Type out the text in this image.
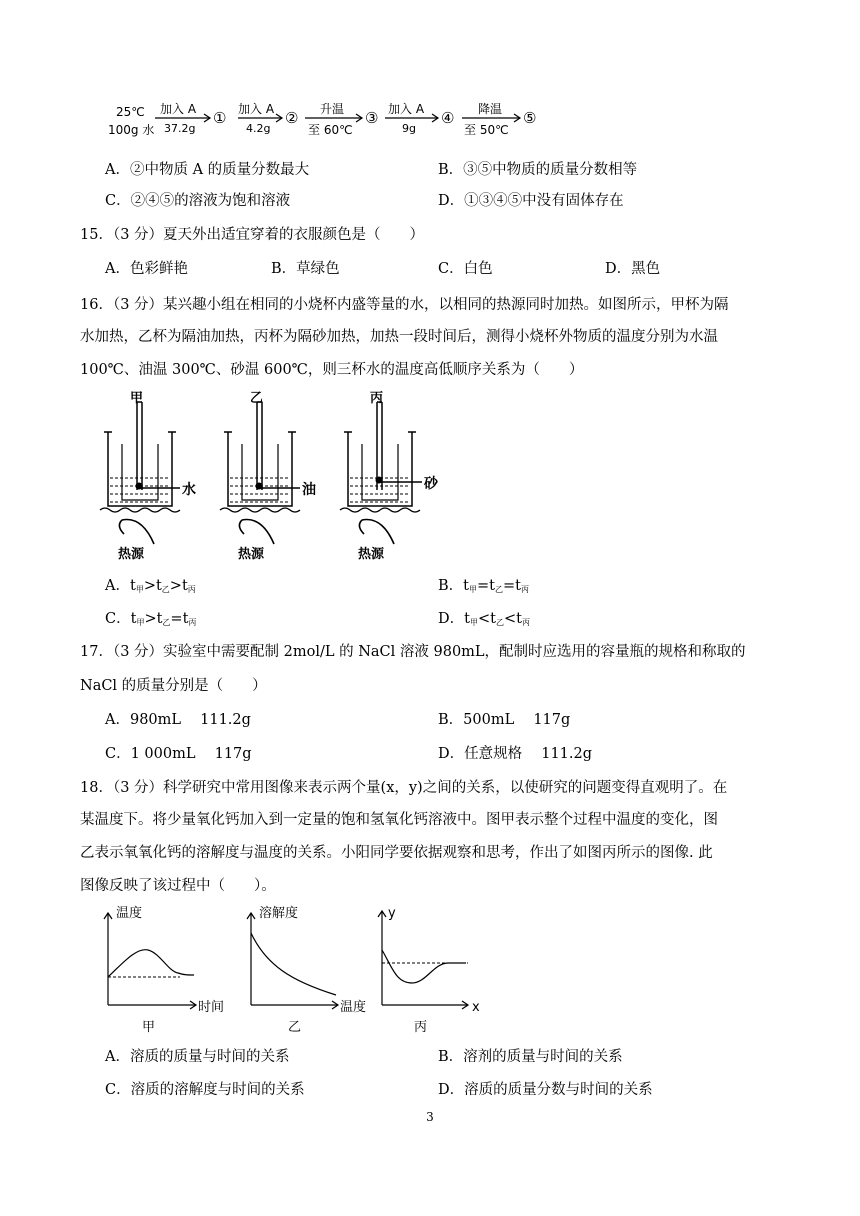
25℃
100g 水
加入 A
37.2g
① 加入 A
4.2g
② 升温
至 60℃
③ 加入 A
9g
④ 降温
至 50℃
⑤
A．②中物质 A 的质量分数最大	B．③⑤中物质的质量分数相等
C．②④⑤的溶液为饱和溶液	D．①③④⑤中没有固体存在
15．（3 分）夏天外出适宜穿着的衣服颜色是（　　）
A．色彩鲜艳	B．草绿色	C．白色	D．黑色
16．（3 分）某兴趣小组在相同的小烧杯内盛等量的水，以相同的热源同时加热。如图所示，甲杯为隔
水加热，乙杯为隔油加热，丙杯为隔砂加热，加热一段时间后，测得小烧杯外物质的温度分别为水温
100℃、油温 300℃、砂温 600℃，则三杯水的温度高低顺序关系为（　　）
甲
水
热源
乙
油
热源
丙
砂
热源
A．$t_甲>t_乙>t_丙$	B．$t_甲=t_乙=t_丙$
C．$t_甲>t_乙=t_丙$	D．$t_甲<t_乙<t_丙$
17．（3 分）实验室中需要配制 2mol/L 的 NaCl 溶液 980mL，配制时应选用的容量瓶的规格和称取的
NaCl 的质量分别是（　　）
A．980mL　 111.2g	B．500mL　 117g
C．1 000mL　 117g	D．任意规格　 111.2g
18．（3 分）科学研究中常用图像来表示两个量(x，y)之间的关系，以使研究的问题变得直观明了。在
某温度下。将少量氧化钙加入到一定量的饱和氢氧化钙溶液中。图甲表示整个过程中温度的变化，图
乙表示氧氧化钙的溶解度与温度的关系。小阳同学要依据观察和思考，作出了如图丙所示的图像. 此
图像反映了该过程中（　　）。
温度
时间
甲
溶解度
温度
乙
y
x
丙
A．溶质的质量与时间的关系	B．溶剂的质量与时间的关系
C．溶质的溶解度与时间的关系	D．溶质的质量分数与时间的关系
3
